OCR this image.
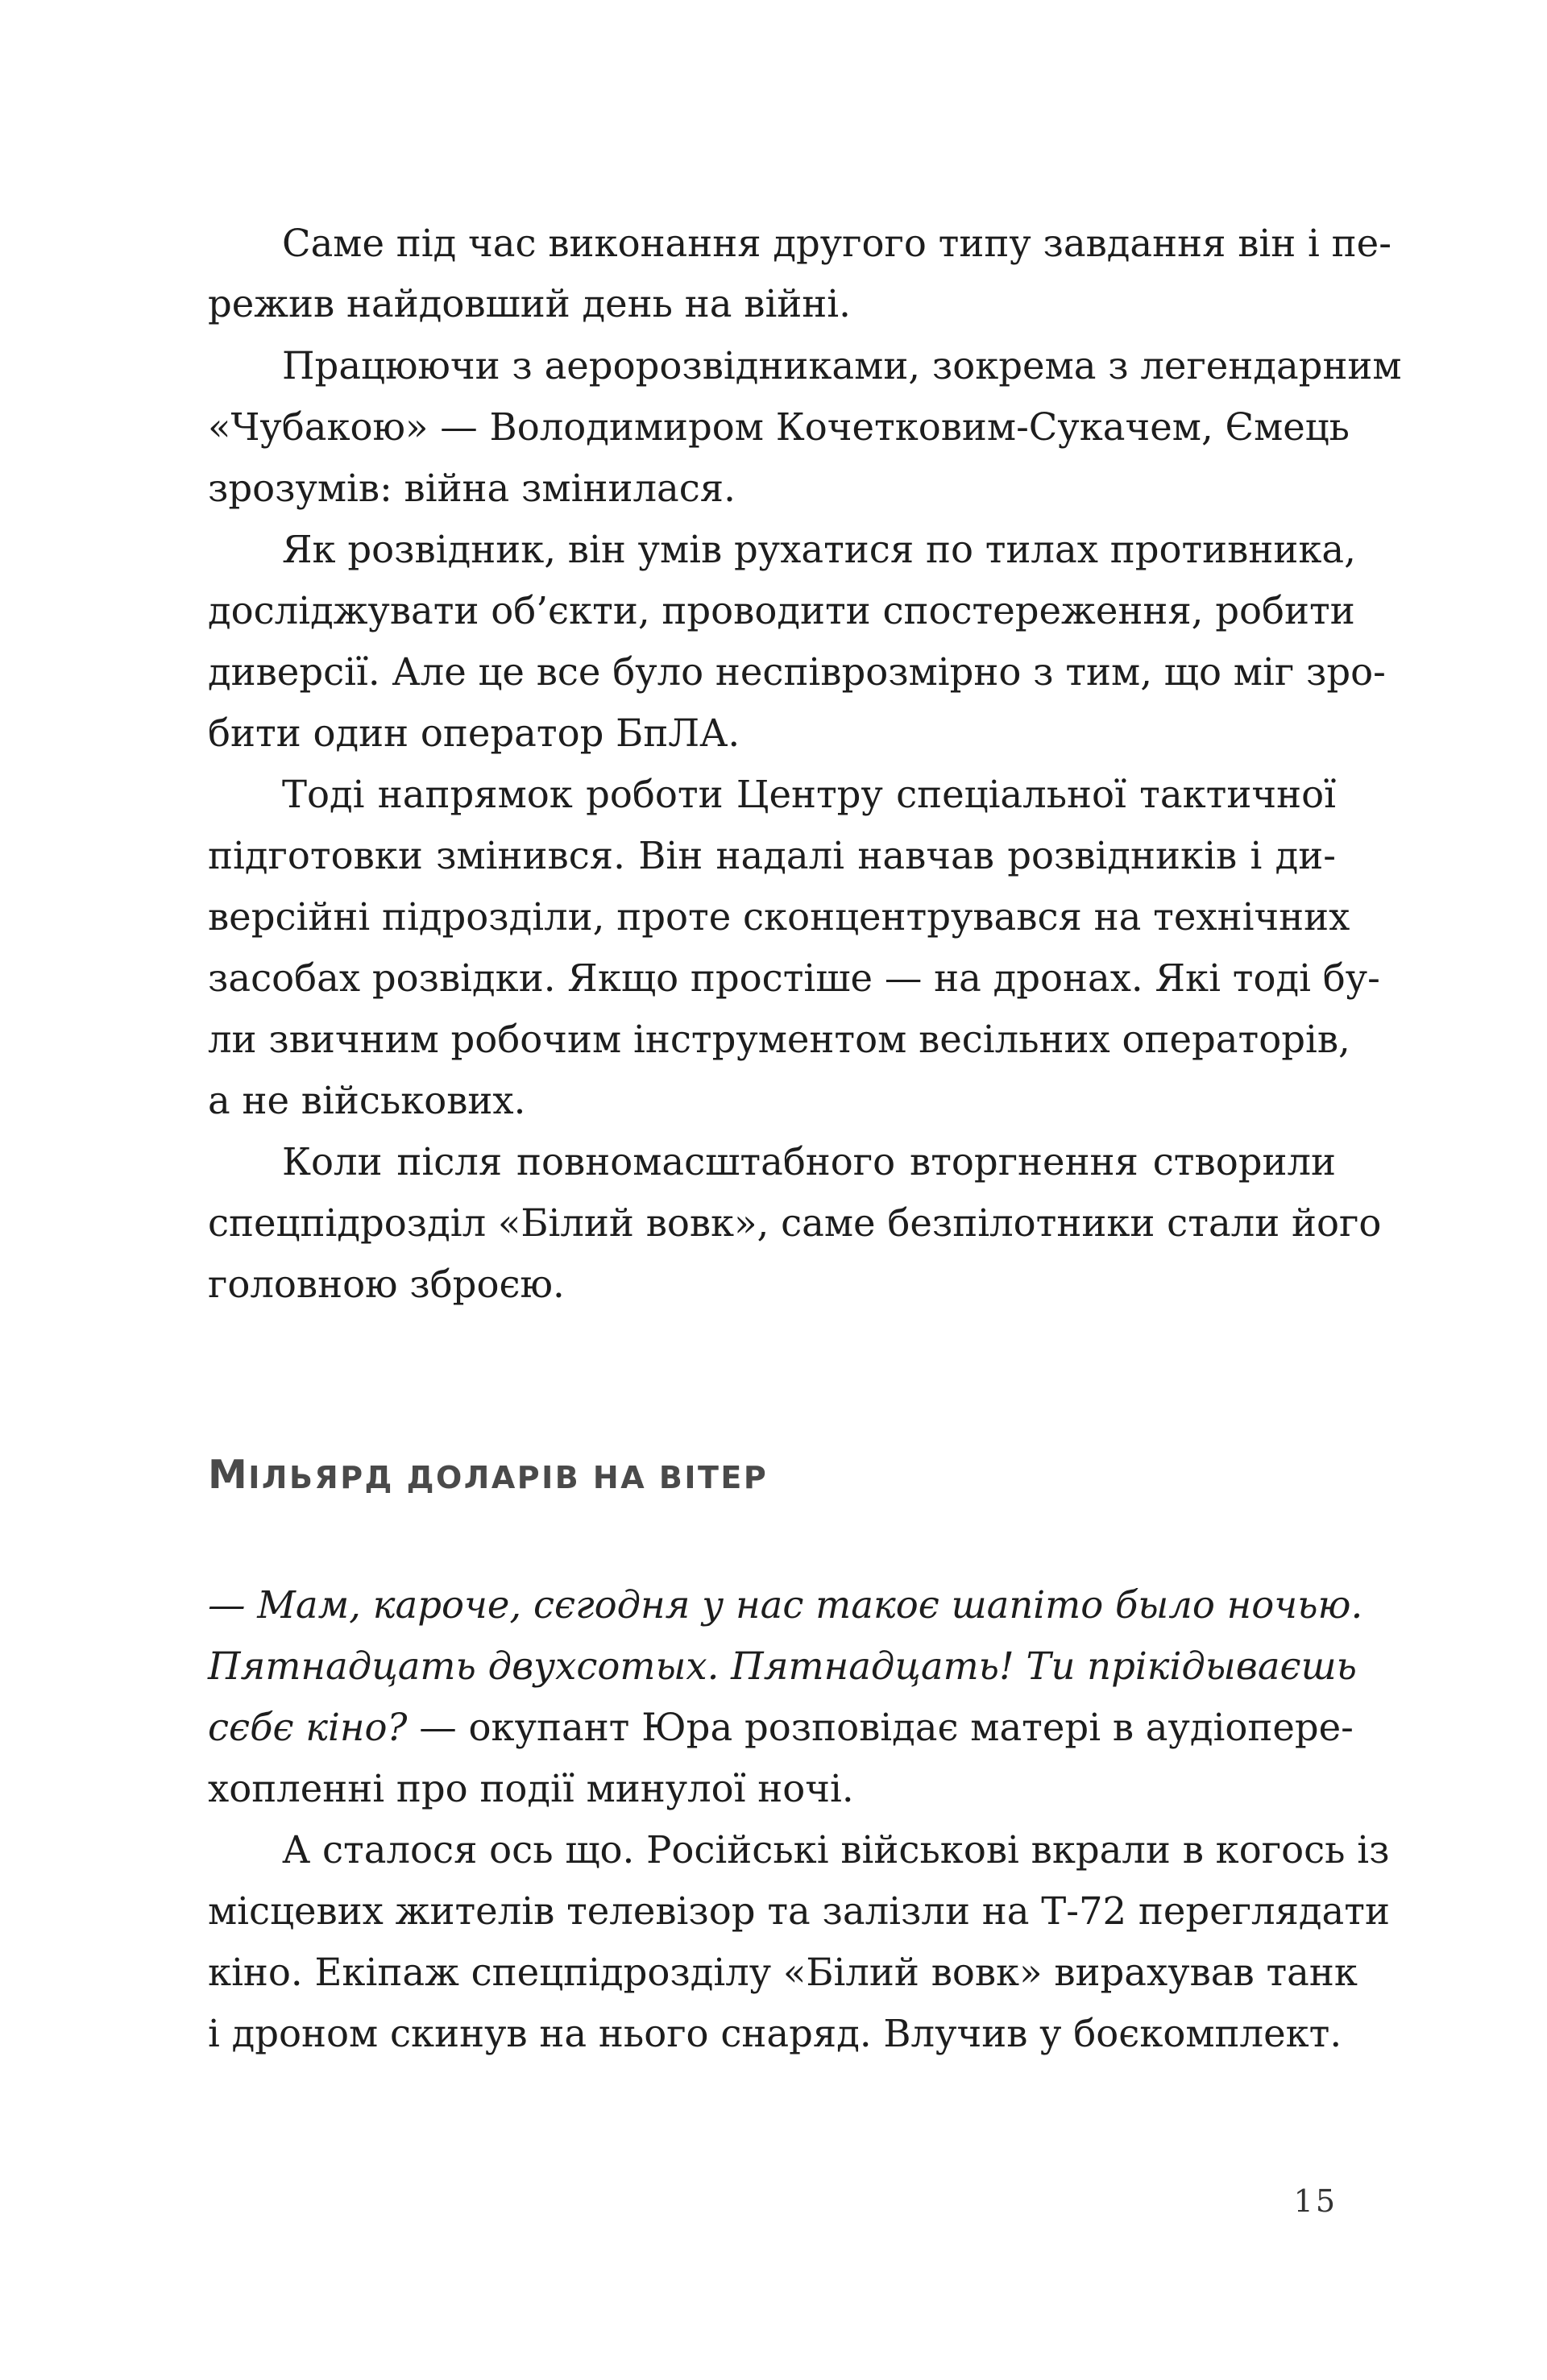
Саме під час виконання другого типу завдання він і пе-

режив найдовший день на війні.

Працюючи з аеророзвідниками, зокрема з легендарним

«Чубакою» — Володимиром Кочетковим-Сукачем, Ємець

зрозумів: війна змінилася.

Як розвідник, він умів рухатися по тилах противника,

досліджувати об’єкти, проводити спостереження, робити

диверсії. Але це все було неспіврозмірно з тим, що міг зро-

бити один оператор БпЛА.

Тоді напрямок роботи Центру спеціальної тактичної

підготовки змінився. Він надалі навчав розвідників і ди-

версійні підрозділи, проте сконцентрувався на технічних

засобах розвідки. Якщо простіше — на дронах. Які тоді бу-

ли звичним робочим інструментом весільних операторів,

а не військових.

Коли після повномасштабного вторгнення створили

спецпідрозділ «Білий вовк», саме безпілотники стали його

головною зброєю.

МІЛЬЯРД ДОЛАРІВ НА ВІТЕР

— Мам, кароче, сєгодня у нас такоє шапіто было ночью.

Пятнадцать двухсотых. Пятнадцать! Ти прікідываєшь

сєбє кіно? — окупант Юра розповідає матері в аудіопере-

хопленні про події минулої ночі.

А сталося ось що. Російські військові вкрали в когось із

місцевих жителів телевізор та залізли на Т-72 переглядати

кіно. Екіпаж спецпідрозділу «Білий вовк» вирахував танк

і дроном скинув на нього снаряд. Влучив у боєкомплект.

15
